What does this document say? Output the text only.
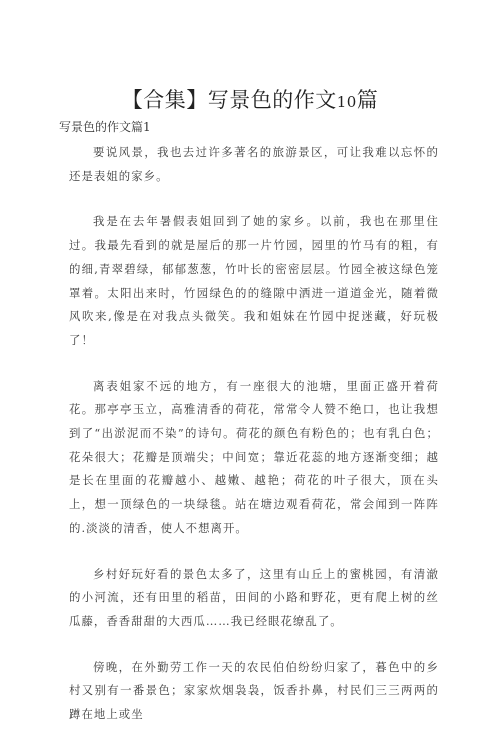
【合集】写景色的作文10篇
写景色的作文篇1

要说风景，我也去过许多著名的旅游景区，可让我难以忘怀的还是表姐的家乡。

我是在去年暑假表姐回到了她的家乡。以前，我也在那里住过。我最先看到的就是屋后的那一片竹园，园里的竹马有的粗，有的细,青翠碧绿，郁郁葱葱，竹叶长的密密层层。竹园全被这绿色笼罩着。太阳出来时，竹园绿色的的缝隙中洒进一道道金光，随着微风吹来,像是在对我点头微笑。我和姐妹在竹园中捉迷藏，好玩极了！

离表姐家不远的地方，有一座很大的池塘，里面正盛开着荷花。那亭亭玉立，高雅清香的荷花，常常令人赞不绝口，也让我想到了“出淤泥而不染”的诗句。荷花的颜色有粉色的；也有乳白色；花朵很大；花瓣是顶端尖；中间宽；靠近花蕊的地方逐渐变细；越是长在里面的花瓣越小、越嫩、越艳；荷花的叶子很大，顶在头上，想一顶绿色的一块绿毯。站在塘边观看荷花，常会闻到一阵阵的.淡淡的清香，使人不想离开。

乡村好玩好看的景色太多了，这里有山丘上的蜜桃园，有清澈的小河流，还有田里的稻苗，田间的小路和野花，更有爬上树的丝瓜藤，香香甜甜的大西瓜……我已经眼花缭乱了。

傍晚，在外勤劳工作一天的农民伯伯纷纷归家了，暮色中的乡村又别有一番景色；家家炊烟袅袅，饭香扑鼻，村民们三三两两的蹲在地上或坐
